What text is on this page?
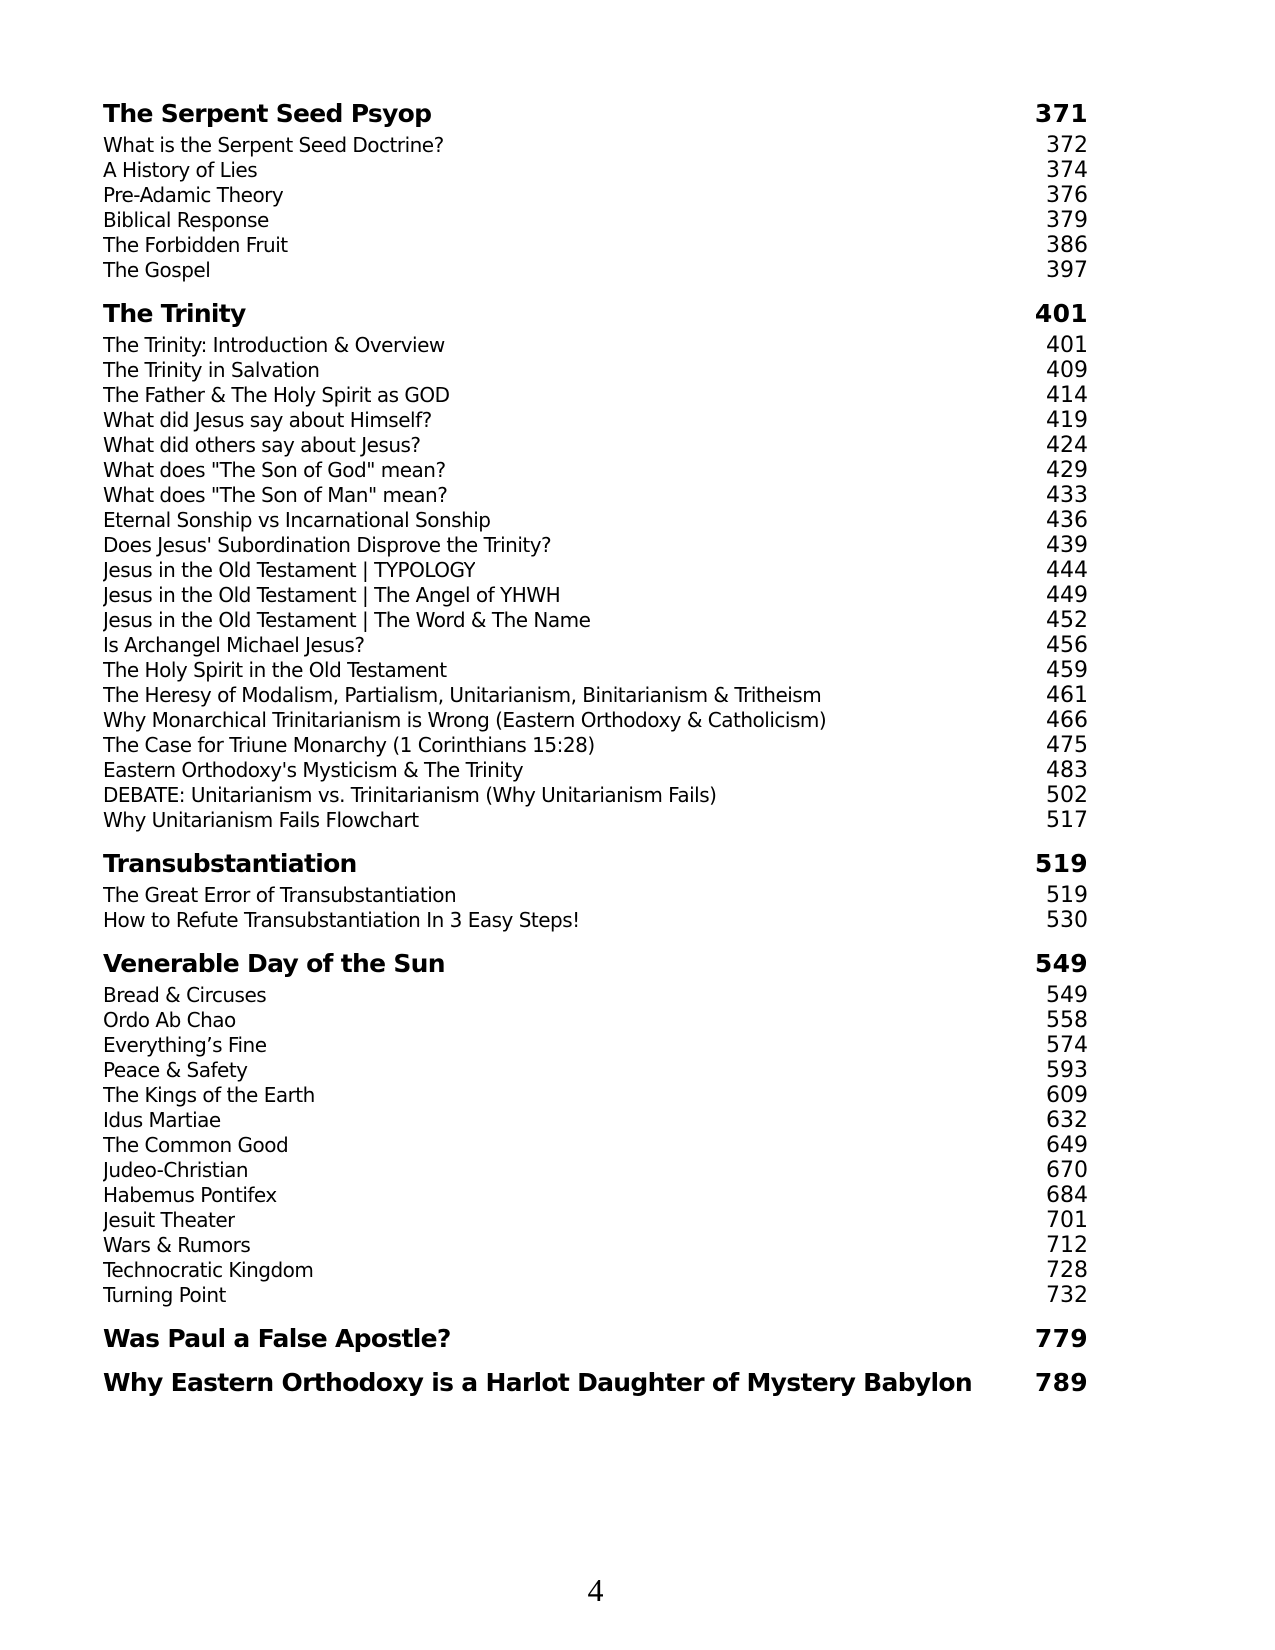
The Serpent Seed Psyop	371
What is the Serpent Seed Doctrine?	372
A History of Lies	374
Pre-Adamic Theory	376
Biblical Response	379
The Forbidden Fruit	386
The Gospel	397
The Trinity	401
The Trinity: Introduction & Overview	401
The Trinity in Salvation	409
The Father & The Holy Spirit as GOD	414
What did Jesus say about Himself?	419
What did others say about Jesus?	424
What does "The Son of God" mean?	429
What does "The Son of Man" mean?	433
Eternal Sonship vs Incarnational Sonship	436
Does Jesus' Subordination Disprove the Trinity?	439
Jesus in the Old Testament | TYPOLOGY	444
Jesus in the Old Testament | The Angel of YHWH	449
Jesus in the Old Testament | The Word & The Name	452
Is Archangel Michael Jesus?	456
The Holy Spirit in the Old Testament	459
The Heresy of Modalism, Partialism, Unitarianism, Binitarianism & Tritheism	461
Why Monarchical Trinitarianism is Wrong (Eastern Orthodoxy & Catholicism)	466
The Case for Triune Monarchy (1 Corinthians 15:28)	475
Eastern Orthodoxy's Mysticism & The Trinity	483
DEBATE: Unitarianism vs. Trinitarianism (Why Unitarianism Fails)	502
Why Unitarianism Fails Flowchart	517
Transubstantiation	519
The Great Error of Transubstantiation	519
How to Refute Transubstantiation In 3 Easy Steps!	530
Venerable Day of the Sun	549
Bread & Circuses	549
Ordo Ab Chao	558
Everything’s Fine	574
Peace & Safety	593
The Kings of the Earth	609
Idus Martiae	632
The Common Good	649
Judeo-Christian	670
Habemus Pontifex	684
Jesuit Theater	701
Wars & Rumors	712
Technocratic Kingdom	728
Turning Point	732
Was Paul a False Apostle?	779
Why Eastern Orthodoxy is a Harlot Daughter of Mystery Babylon	789
4
